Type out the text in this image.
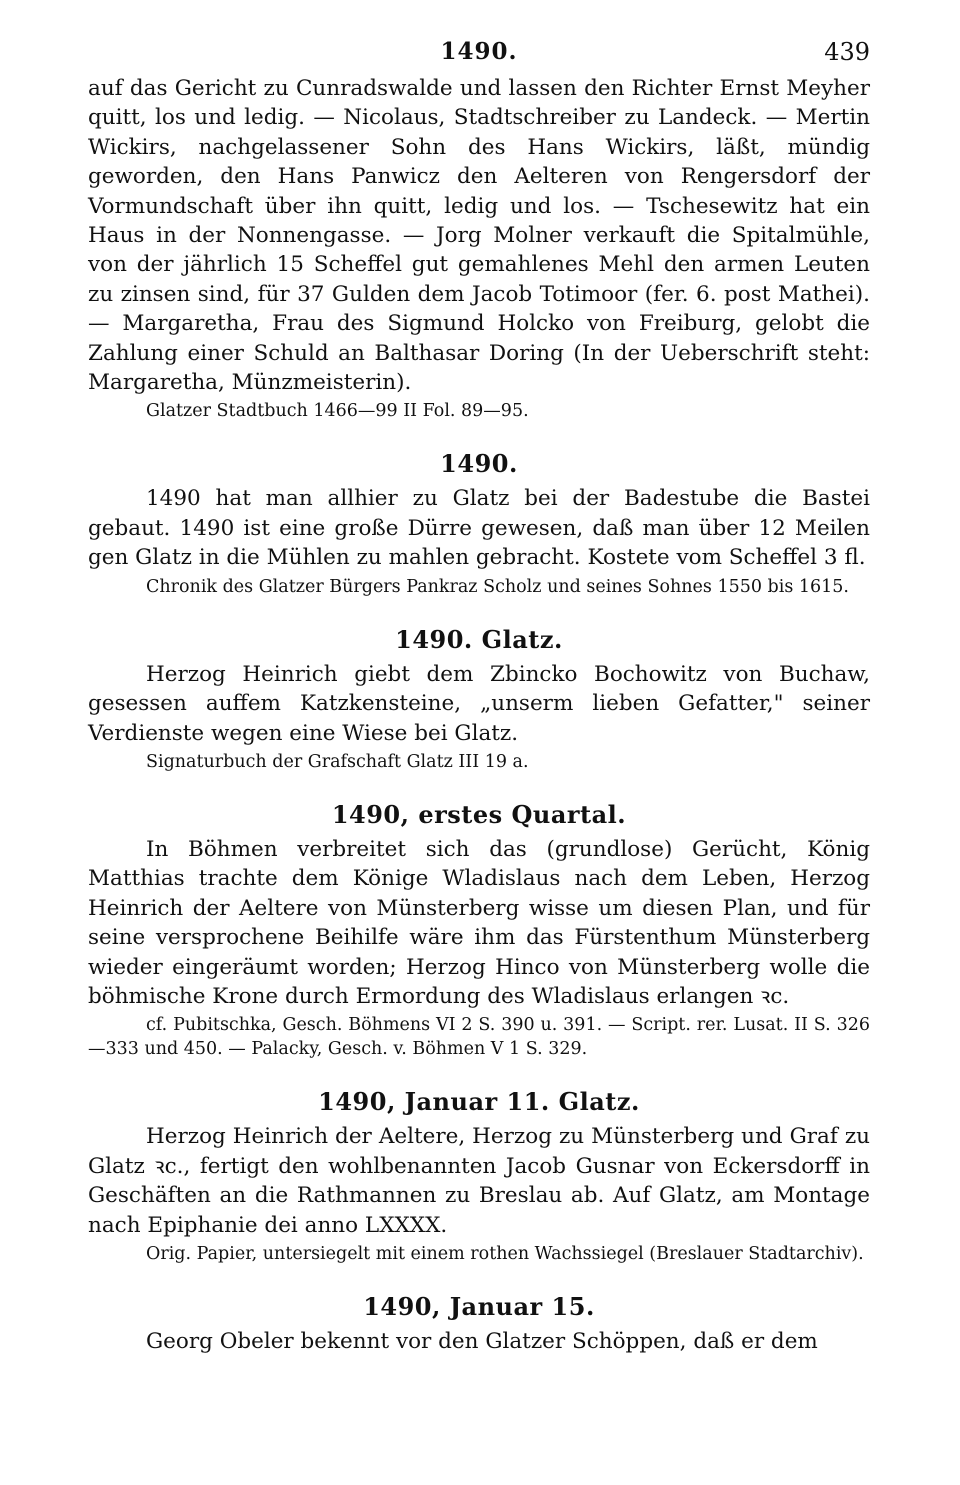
1490.	439

auf das Gericht zu Cunradswalde und lassen den Richter Ernst Meyher quitt, los und ledig. — Nicolaus, Stadtschreiber zu Landeck. — Mertin Wickirs, nachgelassener Sohn des Hans Wickirs, läßt, mündig geworden, den Hans Panwicz den Aelteren von Rengersdorf der Vormundschaft über ihn quitt, ledig und los. — Tschesewitz hat ein Haus in der Nonnengasse. — Jorg Molner verkauft die Spitalmühle, von der jährlich 15 Scheffel gut gemahlenes Mehl den armen Leuten zu zinsen sind, für 37 Gulden dem Jacob Totimoor (fer. 6. post Mathei). — Margaretha, Frau des Sigmund Holcko von Freiburg, gelobt die Zahlung einer Schuld an Balthasar Doring (In der Ueberschrift steht: Margaretha, Münzmeisterin).

Glatzer Stadtbuch 1466—99 II Fol. 89—95.

1490.

1490 hat man allhier zu Glatz bei der Badestube die Bastei gebaut. 1490 ist eine große Dürre gewesen, daß man über 12 Meilen gen Glatz in die Mühlen zu mahlen gebracht. Kostete vom Scheffel 3 fl.

Chronik des Glatzer Bürgers Pankraz Scholz und seines Sohnes 1550 bis 1615.

1490. Glatz.

Herzog Heinrich giebt dem Zbincko Bochowitz von Buchaw, gesessen auffem Katzkensteine, „unserm lieben Gefatter," seiner Verdienste wegen eine Wiese bei Glatz.

Signaturbuch der Grafschaft Glatz III 19 a.

1490, erstes Quartal.

In Böhmen verbreitet sich das (grundlose) Gerücht, König Matthias trachte dem Könige Wladislaus nach dem Leben, Herzog Heinrich der Aeltere von Münsterberg wisse um diesen Plan, und für seine versprochene Beihilfe wäre ihm das Fürstenthum Münsterberg wieder eingeräumt worden; Herzog Hinco von Münsterberg wolle die böhmische Krone durch Ermordung des Wladislaus erlangen ꝛc.

cf. Pubitschka, Gesch. Böhmens VI 2 S. 390 u. 391. — Script. rer. Lusat. II S. 326—333 und 450. — Palacky, Gesch. v. Böhmen V 1 S. 329.

1490, Januar 11. Glatz.

Herzog Heinrich der Aeltere, Herzog zu Münsterberg und Graf zu Glatz ꝛc., fertigt den wohlbenannten Jacob Gusnar von Eckersdorff in Geschäften an die Rathmannen zu Breslau ab. Auf Glatz, am Montage nach Epiphanie dei anno LXXXX.

Orig. Papier, untersiegelt mit einem rothen Wachssiegel (Breslauer Stadtarchiv).

1490, Januar 15.

Georg Obeler bekennt vor den Glatzer Schöppen, daß er dem
